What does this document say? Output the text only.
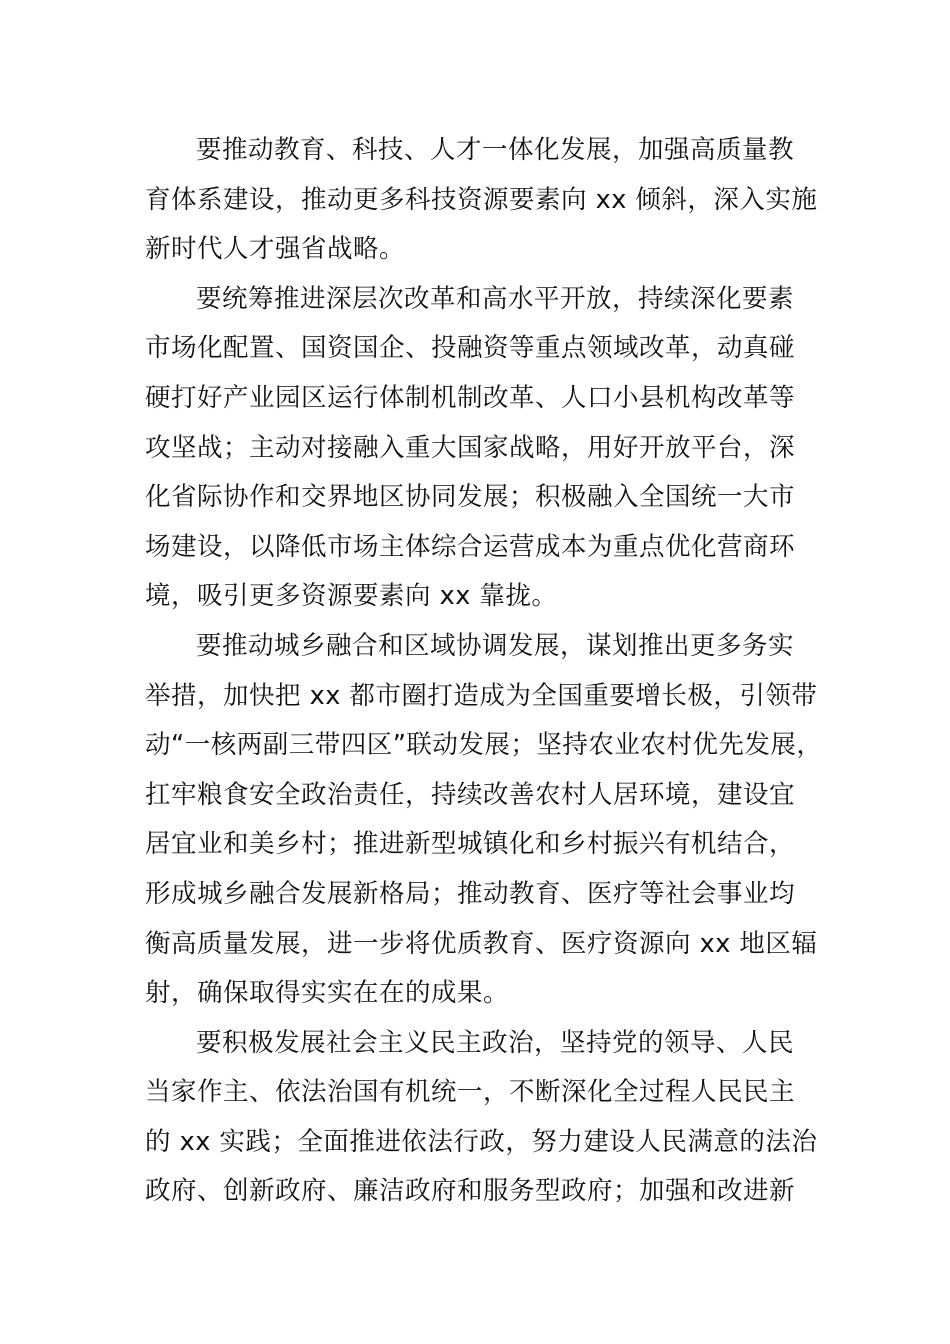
要推动教育、科技、人才一体化发展，加强高质量教
育体系建设，推动更多科技资源要素向 xx 倾斜，深入实施
新时代人才强省战略。
要统筹推进深层次改革和高水平开放，持续深化要素
市场化配置、国资国企、投融资等重点领域改革，动真碰
硬打好产业园区运行体制机制改革、人口小县机构改革等
攻坚战；主动对接融入重大国家战略，用好开放平台，深
化省际协作和交界地区协同发展；积极融入全国统一大市
场建设，以降低市场主体综合运营成本为重点优化营商环
境，吸引更多资源要素向 xx 靠拢。
要推动城乡融合和区域协调发展，谋划推出更多务实
举措，加快把 xx 都市圈打造成为全国重要增长极，引领带
动“一核两副三带四区”联动发展；坚持农业农村优先发展，
扛牢粮食安全政治责任，持续改善农村人居环境，建设宜
居宜业和美乡村；推进新型城镇化和乡村振兴有机结合，
形成城乡融合发展新格局；推动教育、医疗等社会事业均
衡高质量发展，进一步将优质教育、医疗资源向 xx 地区辐
射，确保取得实实在在的成果。
要积极发展社会主义民主政治，坚持党的领导、人民
当家作主、依法治国有机统一，不断深化全过程人民民主
的 xx 实践；全面推进依法行政，努力建设人民满意的法治
政府、创新政府、廉洁政府和服务型政府；加强和改进新
